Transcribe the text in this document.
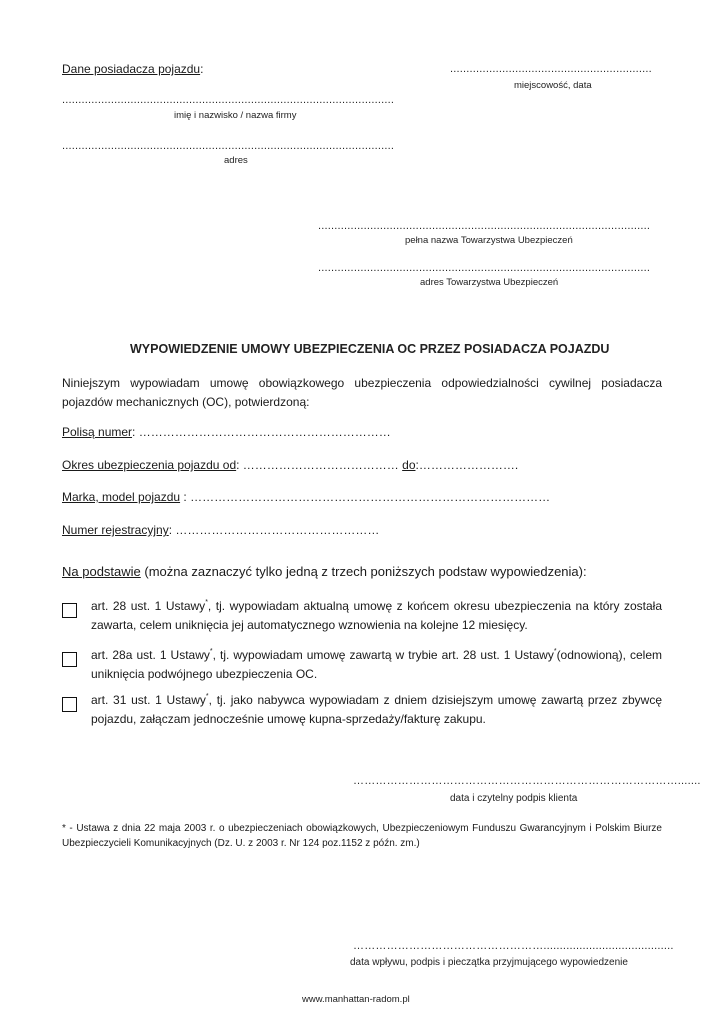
Dane posiadacza pojazdu:	..............................................................
miejscowość, data
......................................................................................................
imię i nazwisko / nazwa firmy
......................................................................................................
adres
......................................................................................................
pełna nazwa Towarzystwa Ubezpieczeń
......................................................................................................
adres Towarzystwa Ubezpieczeń
WYPOWIEDZENIE UMOWY UBEZPIECZENIA OC PRZEZ POSIADACZA POJAZDU
Niniejszym wypowiadam umowę obowiązkowego ubezpieczenia odpowiedzialności cywilnej posiadacza pojazdów mechanicznych (OC), potwierdzoną:
Polisą numer: ………………………………………………………
Okres ubezpieczenia pojazdu od: ………………………………… do:…………………….
Marka, model pojazdu : ………………………………………………………………………………
Numer rejestracyjny: ……………………………………………
Na podstawie (można zaznaczyć tylko jedną z trzech poniższych podstaw wypowiedzenia):
art. 28 ust. 1 Ustawy*, tj. wypowiadam aktualną umowę z końcem okresu ubezpieczenia na który została zawarta, celem uniknięcia jej automatycznego wznowienia na kolejne 12 miesięcy.
art. 28a ust. 1 Ustawy*, tj. wypowiadam umowę zawartą w trybie art. 28 ust. 1 Ustawy*(odnowioną), celem uniknięcia podwójnego ubezpieczenia OC.
art. 31 ust. 1 Ustawy*, tj. jako nabywca wypowiadam z dniem dzisiejszym umowę zawartą przez zbywcę pojazdu, załączam jednocześnie umowę kupna-sprzedaży/fakturę zakupu.
…………………………………………………………………………….......
data i czytelny podpis klienta
* - Ustawa z dnia 22 maja 2003 r. o ubezpieczeniach obowiązkowych, Ubezpieczeniowym Funduszu Gwarancyjnym i Polskim Biurze Ubezpieczycieli Komunikacyjnych (Dz. U. z 2003 r. Nr 124 poz.1152 z późn. zm.)
……………………………………………........................................
data wpływu, podpis i pieczątka przyjmującego wypowiedzenie
www.manhattan-radom.pl
